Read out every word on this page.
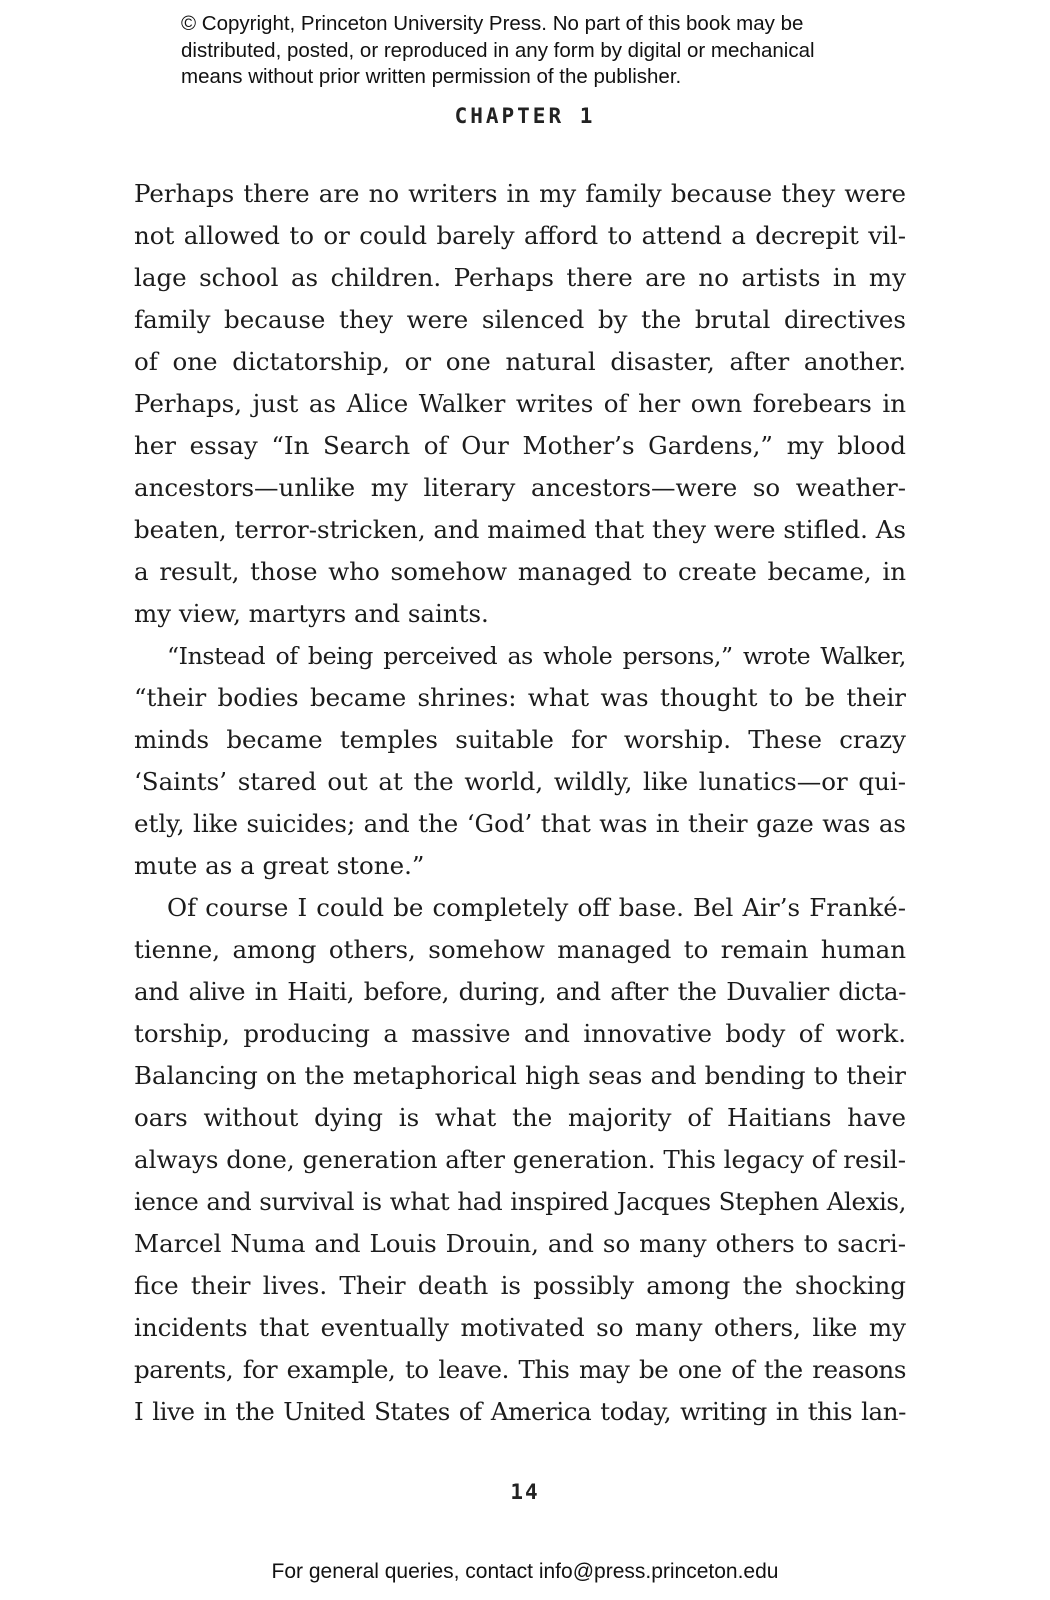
© Copyright, Princeton University Press. No part of this book may be
distributed, posted, or reproduced in any form by digital or mechanical
means without prior written permission of the publisher.
CHAPTER 1
Perhaps there are no writers in my family because they were
not allowed to or could barely afford to attend a decrepit vil-
lage school as children. Perhaps there are no artists in my
family because they were silenced by the brutal directives
of one dictatorship, or one natural disaster, after another.
Perhaps, just as Alice Walker writes of her own forebears in
her essay “In Search of Our Mother’s Gardens,” my blood
ancestors—unlike my literary ancestors—were so weather-
beaten, terror-stricken, and maimed that they were stifled. As
a result, those who somehow managed to create became, in
my view, martyrs and saints.
“Instead of being perceived as whole persons,” wrote Walker,
“their bodies became shrines: what was thought to be their
minds became temples suitable for worship. These crazy
‘Saints’ stared out at the world, wildly, like lunatics—or qui-
etly, like suicides; and the ‘God’ that was in their gaze was as
mute as a great stone.”
Of course I could be completely off base. Bel Air’s Franké-
tienne, among others, somehow managed to remain human
and alive in Haiti, before, during, and after the Duvalier dicta-
torship, producing a massive and innovative body of work.
Balancing on the metaphorical high seas and bending to their
oars without dying is what the majority of Haitians have
always done, generation after generation. This legacy of resil-
ience and survival is what had inspired Jacques Stephen Alexis,
Marcel Numa and Louis Drouin, and so many others to sacri-
fice their lives. Their death is possibly among the shocking
incidents that eventually motivated so many others, like my
parents, for example, to leave. This may be one of the reasons
I live in the United States of America today, writing in this lan-
14
For general queries, contact info@press.princeton.edu
